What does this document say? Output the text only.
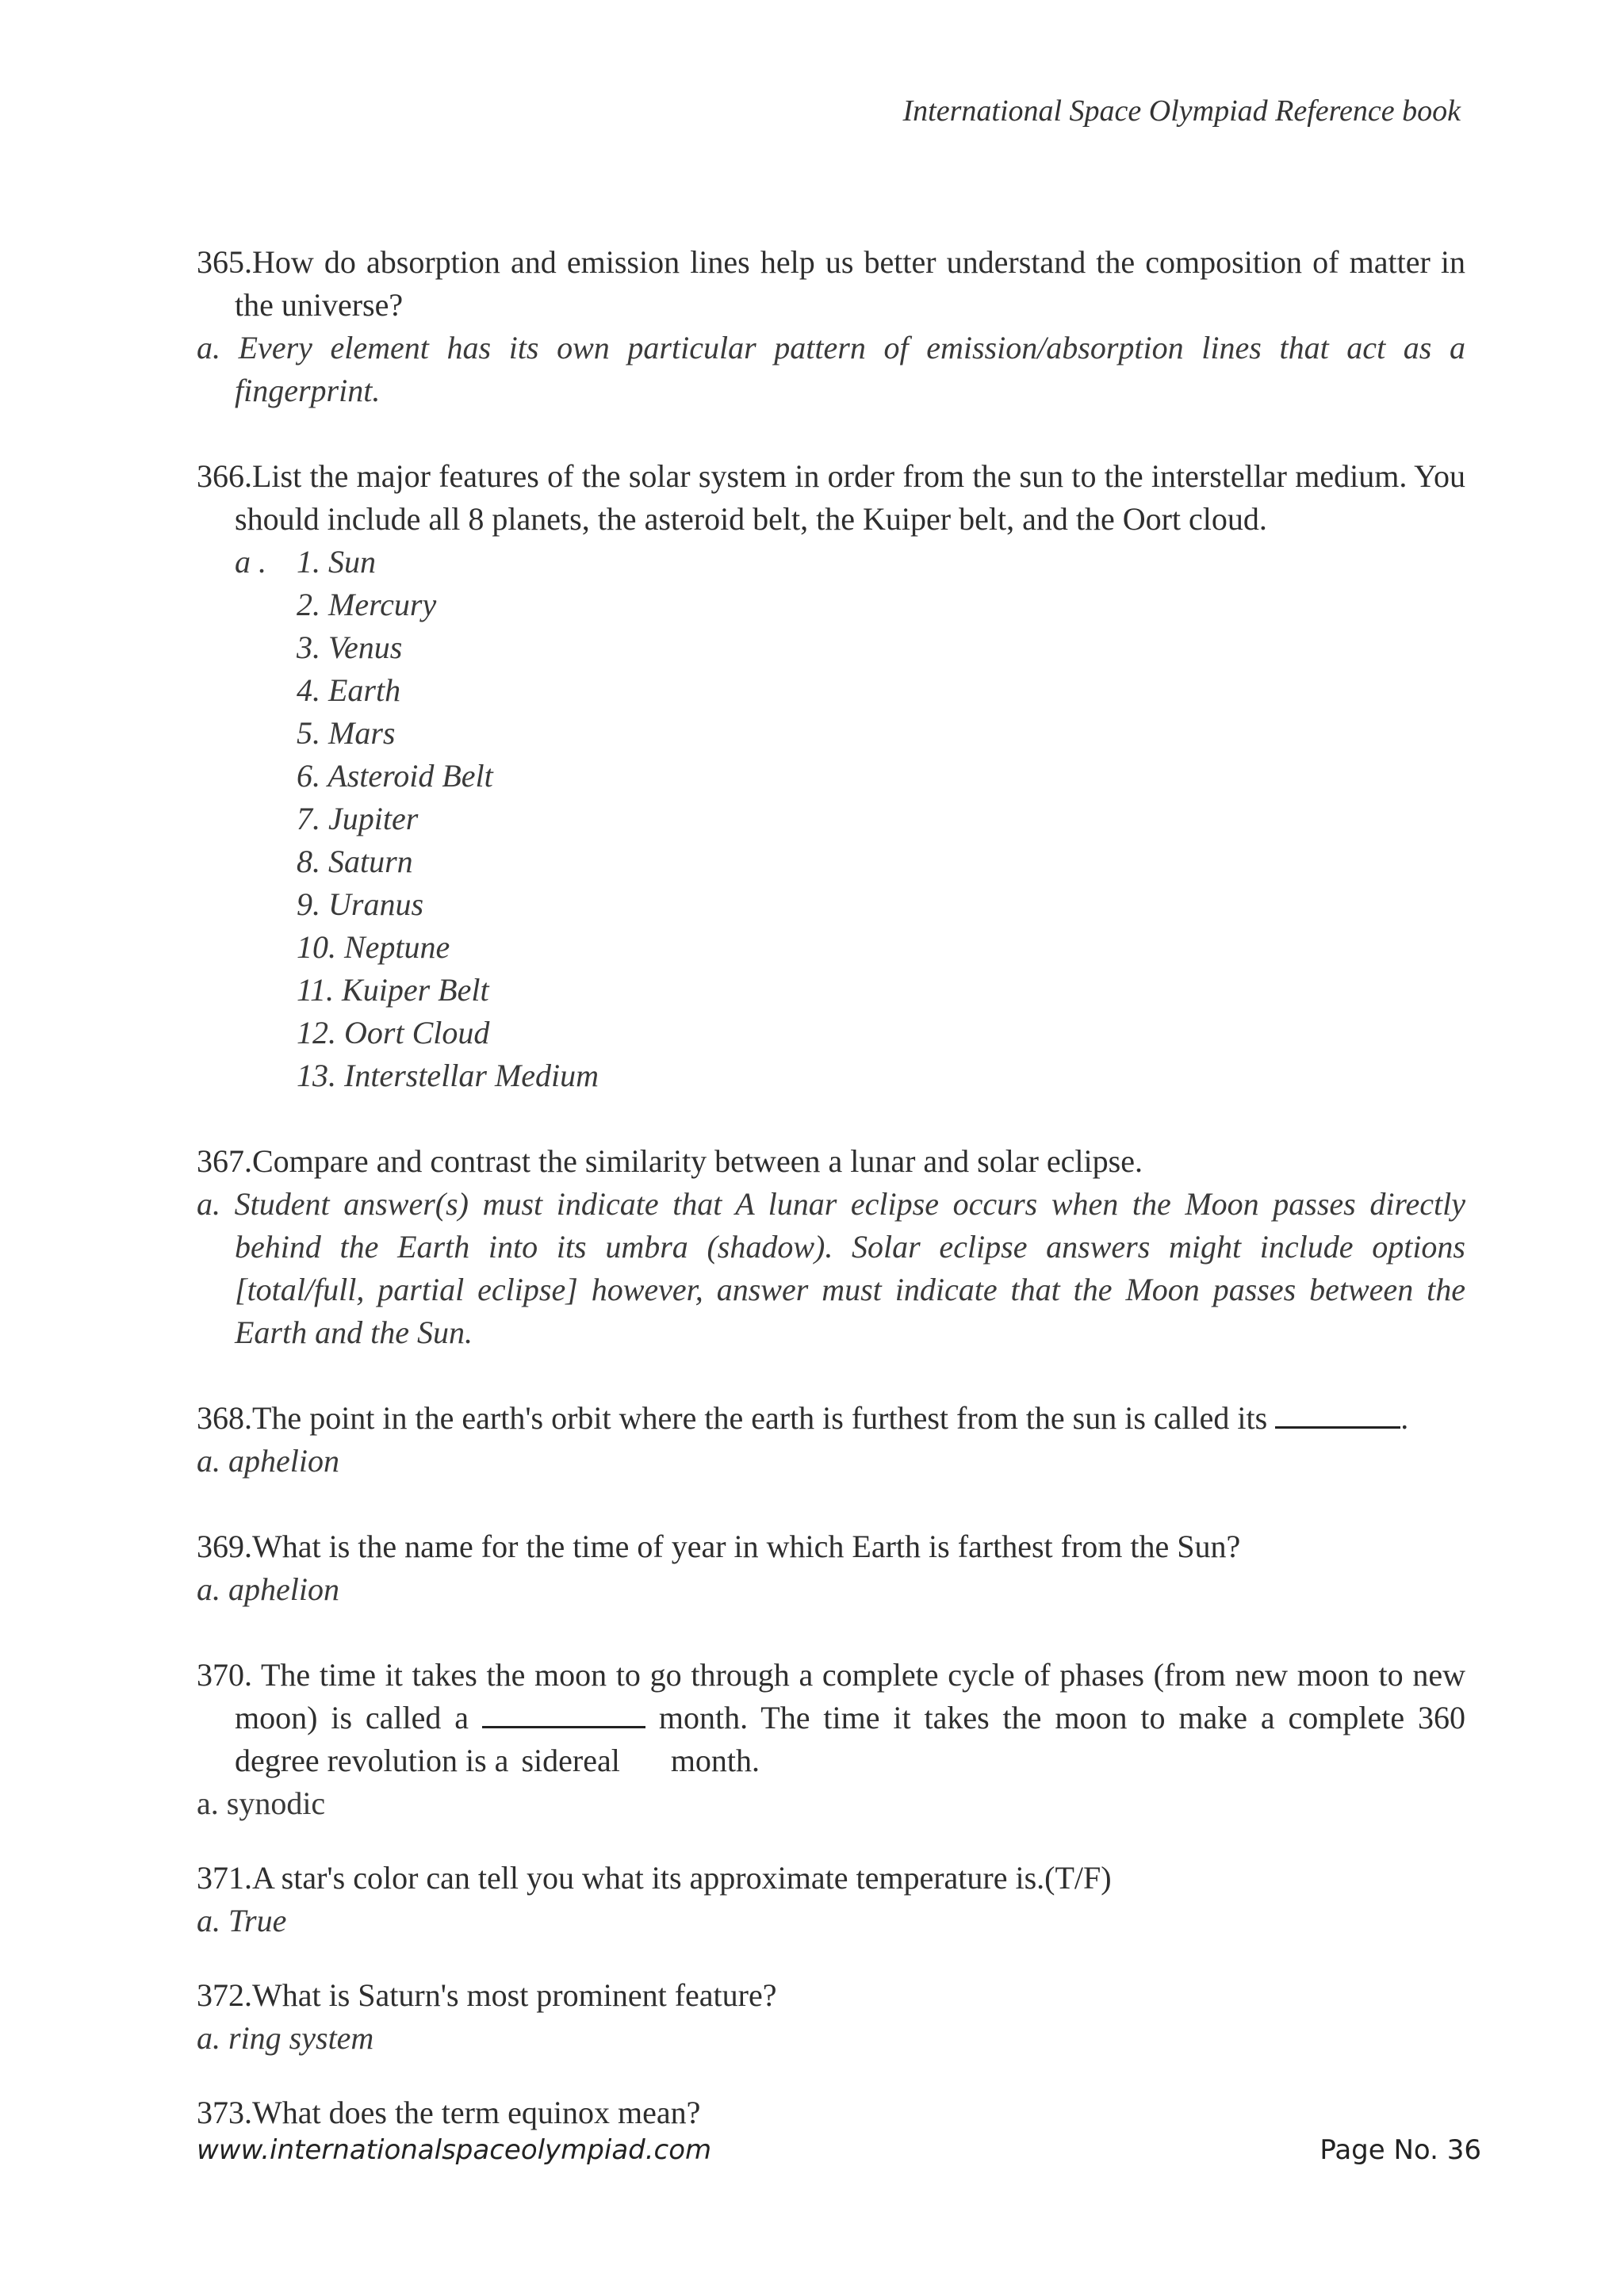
International Space Olympiad Reference book

365.How do absorption and emission lines help us better understand the composition of matter in the universe?

a. Every element has its own particular pattern of emission/absorption lines that act as a fingerprint.

366.List the major features of the solar system in order from the sun to the interstellar medium. You should include all 8 planets, the asteroid belt, the Kuiper belt, and the Oort cloud.

a . 1. Sun
2. Mercury
3. Venus
4. Earth
5. Mars
6. Asteroid Belt
7. Jupiter
8. Saturn
9. Uranus
10. Neptune
11. Kuiper Belt
12. Oort Cloud
13. Interstellar Medium

367.Compare and contrast the similarity between a lunar and solar eclipse.

a. Student answer(s) must indicate that A lunar eclipse occurs when the Moon passes directly behind the Earth into its umbra (shadow). Solar eclipse answers might include options [total/full, partial eclipse] however, answer must indicate that the Moon passes between the Earth and the Sun.

368.The point in the earth's orbit where the earth is furthest from the sun is called its	.

a. aphelion

369.What is the name for the time of year in which Earth is farthest from the Sun?

a. aphelion

370. The time it takes the moon to go through a complete cycle of phases (from new moon to new moon) is called a	month. The time it takes the moon to make a complete 360 degree revolution is a sidereal month.

a. synodic

371.A star's color can tell you what its approximate temperature is.(T/F)

a. True

372.What is Saturn's most prominent feature?

a. ring system

373.What does the term equinox mean?

www.internationalspaceolympiad.com	Page No. 36
